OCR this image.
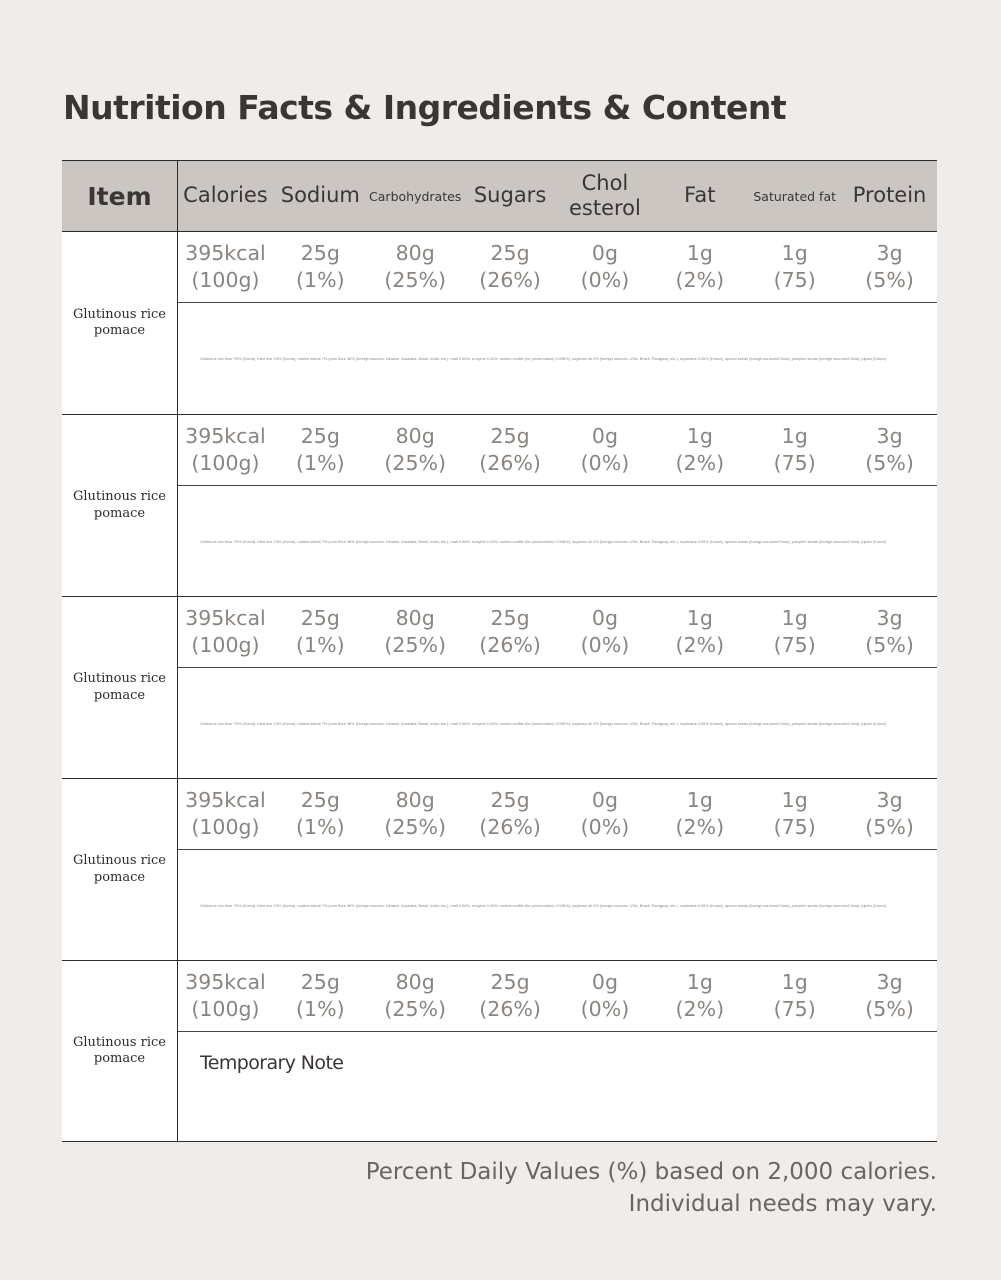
Nutrition Facts & Ingredients & Content
Item	Calories Sodium Carbohydrates Sugars
Chol
esterol
Fat	Saturated fat Protein
Glutinous rice pomace
395kcal
(100g)
25g
(1%)
80g
(25%)
25g
(26%)
0g
(0%)
1g
(2%)
1g
(75)
3g
(5%)
Glutinous rice flour 75% (Korea), fried rice 13% (Korea), malted wheat 7% (corn flour 98% (foreign sources: Ukraine, Australia, Brazil, India, etc.), malt 0.98%, enzyme 0.26%, sodium sulfite (for preservation) 0.008%), soybean oil 2% (foreign sources: USA, Brazil, Paraguay, etc.), soybeans 0.05% (Korea), apricot seeds (foreign sources/China), pumpkin seeds (foreign sources/China), jujube (Korea)
Glutinous rice pomace
395kcal
(100g)
25g
(1%)
80g
(25%)
25g
(26%)
0g
(0%)
1g
(2%)
1g
(75)
3g
(5%)
Glutinous rice flour 75% (Korea), fried rice 13% (Korea), malted wheat 7% (corn flour 98% (foreign sources: Ukraine, Australia, Brazil, India, etc.), malt 0.98%, enzyme 0.26%, sodium sulfite (for preservation) 0.008%), soybean oil 2% (foreign sources: USA, Brazil, Paraguay, etc.), soybeans 0.05% (Korea), apricot seeds (foreign sources/China), pumpkin seeds (foreign sources/China), jujube (Korea)
Glutinous rice pomace
395kcal
(100g)
25g
(1%)
80g
(25%)
25g
(26%)
0g
(0%)
1g
(2%)
1g
(75)
3g
(5%)
Glutinous rice flour 75% (Korea), fried rice 13% (Korea), malted wheat 7% (corn flour 98% (foreign sources: Ukraine, Australia, Brazil, India, etc.), malt 0.98%, enzyme 0.26%, sodium sulfite (for preservation) 0.008%), soybean oil 2% (foreign sources: USA, Brazil, Paraguay, etc.), soybeans 0.05% (Korea), apricot seeds (foreign sources/China), pumpkin seeds (foreign sources/China), jujube (Korea)
Glutinous rice pomace
395kcal
(100g)
25g
(1%)
80g
(25%)
25g
(26%)
0g
(0%)
1g
(2%)
1g
(75)
3g
(5%)
Glutinous rice flour 75% (Korea), fried rice 13% (Korea), malted wheat 7% (corn flour 98% (foreign sources: Ukraine, Australia, Brazil, India, etc.), malt 0.98%, enzyme 0.26%, sodium sulfite (for preservation) 0.008%), soybean oil 2% (foreign sources: USA, Brazil, Paraguay, etc.), soybeans 0.05% (Korea), apricot seeds (foreign sources/China), pumpkin seeds (foreign sources/China), jujube (Korea)
Glutinous rice pomace
395kcal
(100g)
25g
(1%)
80g
(25%)
25g
(26%)
0g
(0%)
1g
(2%)
1g
(75)
3g
(5%)
Temporary Note
Percent Daily Values (%) based on 2,000 calories.
Individual needs may vary.
